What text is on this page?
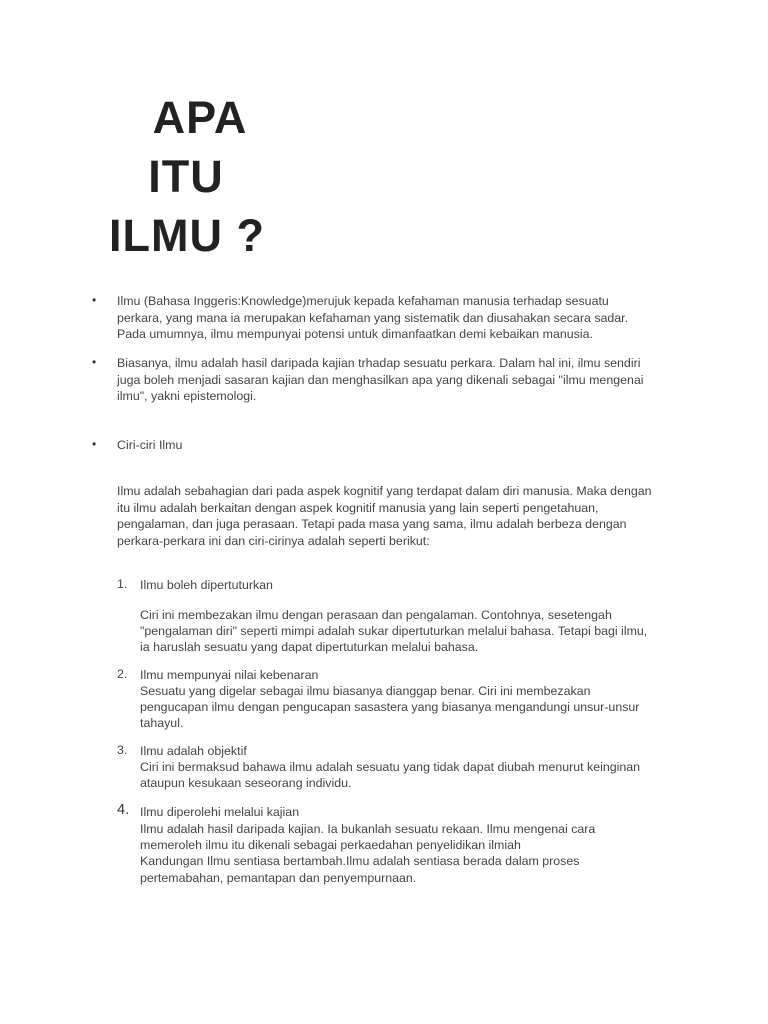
APA
ITU
ILMU ?
• Ilmu (Bahasa Inggeris:Knowledge)merujuk kepada kefahaman manusia terhadap sesuatu

perkara, yang mana ia merupakan kefahaman yang sistematik dan diusahakan secara sadar.

Pada umumnya, ilmu mempunyai potensi untuk dimanfaatkan demi kebaikan manusia.

• Biasanya, ilmu adalah hasil daripada kajian trhadap sesuatu perkara. Dalam hal ini, ilmu sendiri

juga boleh menjadi sasaran kajian dan menghasilkan apa yang dikenali sebagai "ilmu mengenai

ilmu", yakni epistemologi.

• Ciri-ciri Ilmu

Ilmu adalah sebahagian dari pada aspek kognitif yang terdapat dalam diri manusia. Maka dengan

itu ilmu adalah berkaitan dengan aspek kognitif manusia yang lain seperti pengetahuan,

pengalaman, dan juga perasaan. Tetapi pada masa yang sama, ilmu adalah berbeza dengan

perkara-perkara ini dan ciri-cirinya adalah seperti berikut:

1. Ilmu boleh dipertuturkan

Ciri ini membezakan ilmu dengan perasaan dan pengalaman. Contohnya, sesetengah

"pengalaman diri" seperti mimpi adalah sukar dipertuturkan melalui bahasa. Tetapi bagi ilmu,

ia haruslah sesuatu yang dapat dipertuturkan melalui bahasa.

2. Ilmu mempunyai nilai kebenaran

Sesuatu yang digelar sebagai ilmu biasanya dianggap benar. Ciri ini membezakan

pengucapan ilmu dengan pengucapan sasastera yang biasanya mengandungi unsur-unsur

tahayul.

3. Ilmu adalah objektif

Ciri ini bermaksud bahawa ilmu adalah sesuatu yang tidak dapat diubah menurut keinginan

ataupun kesukaan seseorang individu.

4. Ilmu diperolehi melalui kajian

Ilmu adalah hasil daripada kajian. Ia bukanlah sesuatu rekaan. Ilmu mengenai cara

memeroleh ilmu itu dikenali sebagai perkaedahan penyelidikan ilmiah

Kandungan Ilmu sentiasa bertambah.Ilmu adalah sentiasa berada dalam proses

pertemabahan, pemantapan dan penyempurnaan.
